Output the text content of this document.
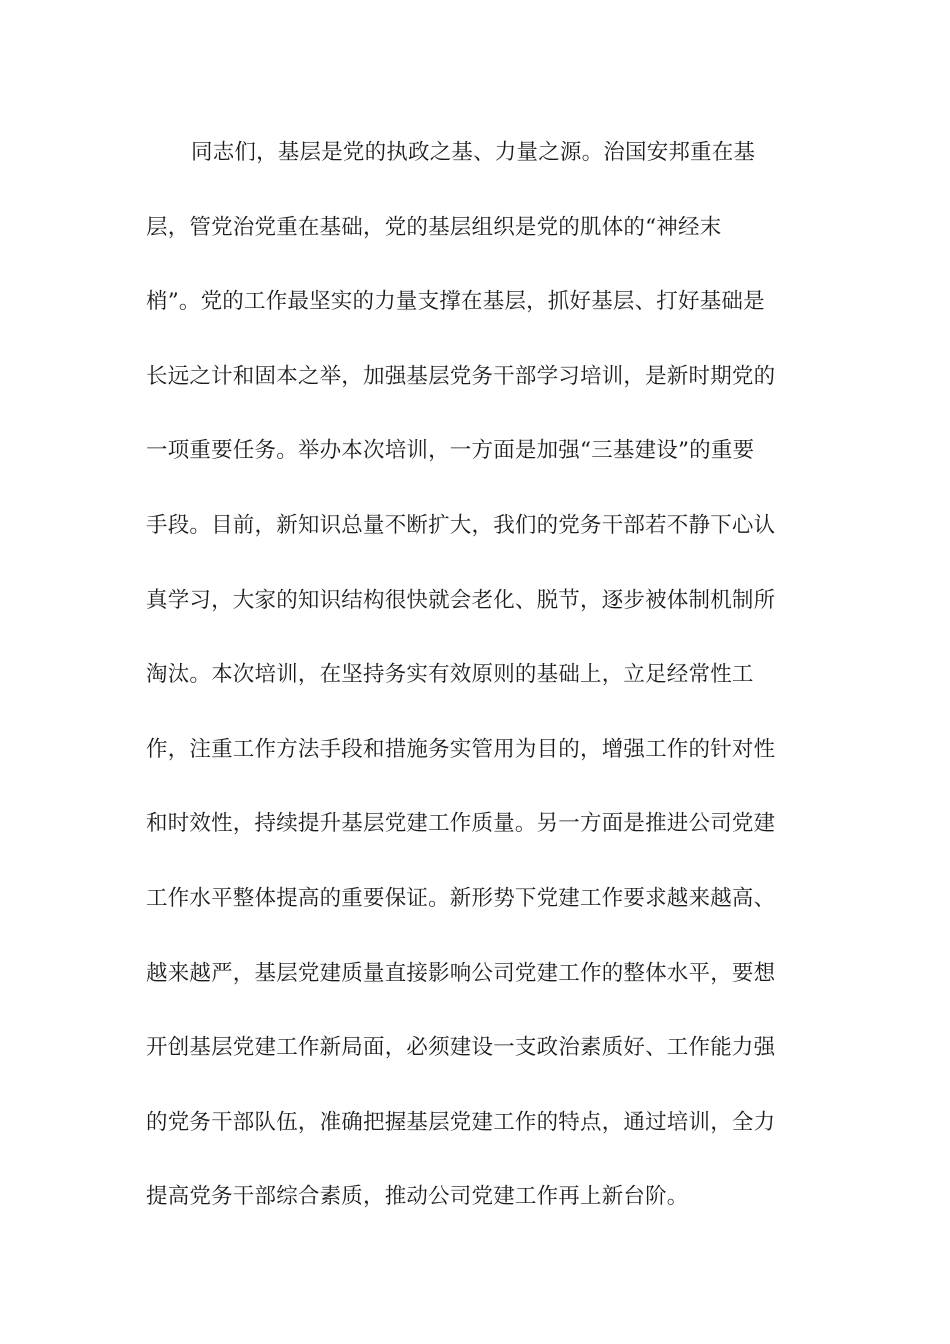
同志们，基层是党的执政之基、力量之源。治国安邦重在基
层，管党治党重在基础，党的基层组织是党的肌体的“神经末
梢”。党的工作最坚实的力量支撑在基层，抓好基层、打好基础是
长远之计和固本之举，加强基层党务干部学习培训，是新时期党的
一项重要任务。举办本次培训，一方面是加强“三基建设”的重要
手段。目前，新知识总量不断扩大，我们的党务干部若不静下心认
真学习，大家的知识结构很快就会老化、脱节，逐步被体制机制所
淘汰。本次培训，在坚持务实有效原则的基础上，立足经常性工
作，注重工作方法手段和措施务实管用为目的，增强工作的针对性
和时效性，持续提升基层党建工作质量。另一方面是推进公司党建
工作水平整体提高的重要保证。新形势下党建工作要求越来越高、
越来越严，基层党建质量直接影响公司党建工作的整体水平，要想
开创基层党建工作新局面，必须建设一支政治素质好、工作能力强
的党务干部队伍，准确把握基层党建工作的特点，通过培训，全力
提高党务干部综合素质，推动公司党建工作再上新台阶。
